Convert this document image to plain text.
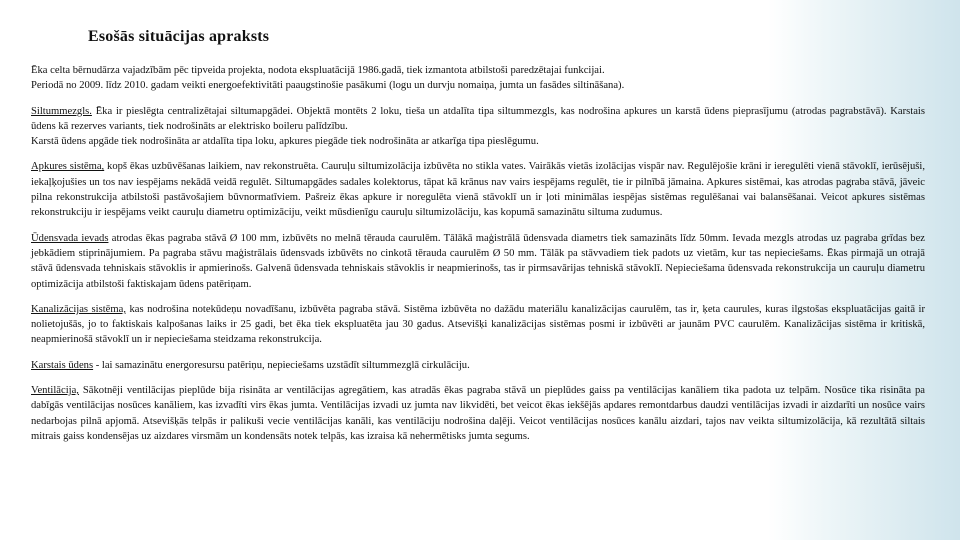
Esošās situācijas apraksts

Ēka celta bērnudārza vajadzībām pēc tipveida projekta, nodota ekspluatācijā 1986.gadā, tiek izmantota atbilstoši paredzētajai funkcijai.
Periodā no 2009. līdz 2010. gadam veikti energoefektivitāti paaugstinošie pasākumi (logu un durvju nomaiņa, jumta un fasādes siltināšana).

Siltummezgls. Ēka ir pieslēgta centralizētajai siltumapgādei. Objektā montēts 2 loku, tieša un atdalīta tipa siltummezgls, kas nodrošina apkures un karstā ūdens pieprasījumu (atrodas pagrabstāvā). Karstais ūdens kā rezerves variants, tiek nodrošināts ar elektrisko boileru palīdzību.
Karstā ūdens apgāde tiek nodrošināta ar atdalīta tipa loku, apkures piegāde tiek nodrošināta ar atkarīga tipa pieslēgumu.

Apkures sistēma, kopš ēkas uzbūvēšanas laikiem, nav rekonstruēta. Cauruļu siltumizolācija izbūvēta no stikla vates. Vairākās vietās izolācijas vispār nav. Regulējošie krāni ir ieregulēti vienā stāvoklī, ierūsējuši, iekaļķojušies un tos nav iespējams nekādā veidā regulēt. Siltumapgādes sadales kolektorus, tāpat kā krānus nav vairs iespējams regulēt, tie ir pilnībā jāmaina. Apkures sistēmai, kas atrodas pagraba stāvā, jāveic pilna rekonstrukcija atbilstoši pastāvošajiem būvnormatīviem. Pašreiz ēkas apkure ir noregulēta vienā stāvoklī un ir ļoti minimālas iespējas sistēmas regulēšanai vai balansēšanai. Veicot apkures sistēmas rekonstrukciju ir iespējams veikt cauruļu diametru optimizāciju, veikt mūsdienīgu cauruļu siltumizolāciju, kas kopumā samazinātu siltuma zudumus.

Ūdensvada ievads atrodas ēkas pagraba stāvā Ø 100 mm, izbūvēts no melnā tērauda caurulēm. Tālākā maģistrālā ūdensvada diametrs tiek samazināts līdz 50mm. Ievada mezgls atrodas uz pagraba grīdas bez jebkādiem stiprinājumiem. Pa pagraba stāvu maģistrālais ūdensvads izbūvēts no cinkotā tērauda caurulēm Ø 50 mm. Tālāk pa stāvvadiem tiek padots uz vietām, kur tas nepieciešams. Ēkas pirmajā un otrajā stāvā ūdensvada tehniskais stāvoklis ir apmierinošs. Galvenā ūdensvada tehniskais stāvoklis ir neapmierinošs, tas ir pirmsavārijas tehniskā stāvoklī. Nepieciešama ūdensvada rekonstrukcija un cauruļu diametru optimizācija atbilstoši faktiskajam ūdens patēriņam.

Kanalizācijas sistēma, kas nodrošina notekūdeņu novadīšanu, izbūvēta pagraba stāvā. Sistēma izbūvēta no dažādu materiālu kanalizācijas caurulēm, tas ir, ķeta caurules, kuras ilgstošas ekspluatācijas gaitā ir nolietojušās, jo to faktiskais kalpošanas laiks ir 25 gadi, bet ēka tiek ekspluatēta jau 30 gadus. Atsevišķi kanalizācijas sistēmas posmi ir izbūvēti ar jaunām PVC caurulēm. Kanalizācijas sistēma ir kritiskā, neapmierinošā stāvoklī un ir nepieciešama steidzama rekonstrukcija.

Karstais ūdens - lai samazinātu energoresursu patēriņu, nepieciešams uzstādīt siltummezglā cirkulāciju.

Ventilācija, Sākotnēji ventilācijas pieplūde bija risināta ar ventilācijas agregātiem, kas atradās ēkas pagraba stāvā un pieplūdes gaiss pa ventilācijas kanāliem tika padota uz telpām. Nosūce tika risināta pa dabīgās ventilācijas nosūces kanāliem, kas izvadīti virs ēkas jumta. Ventilācijas izvadi uz jumta nav likvidēti, bet veicot ēkas iekšējās apdares remontdarbus daudzi ventilācijas izvadi ir aizdarīti un nosūce vairs nedarbojas pilnā apjomā. Atsevišķās telpās ir palikuši vecie ventilācijas kanāli, kas ventilāciju nodrošina daļēji. Veicot ventilācijas nosūces kanālu aizdari, tajos nav veikta siltumizolācija, kā rezultātā siltais mitrais gaiss kondensējas uz aizdares virsmām un kondensāts notek telpās, kas izraisa kā nehermētisks jumta segums.
